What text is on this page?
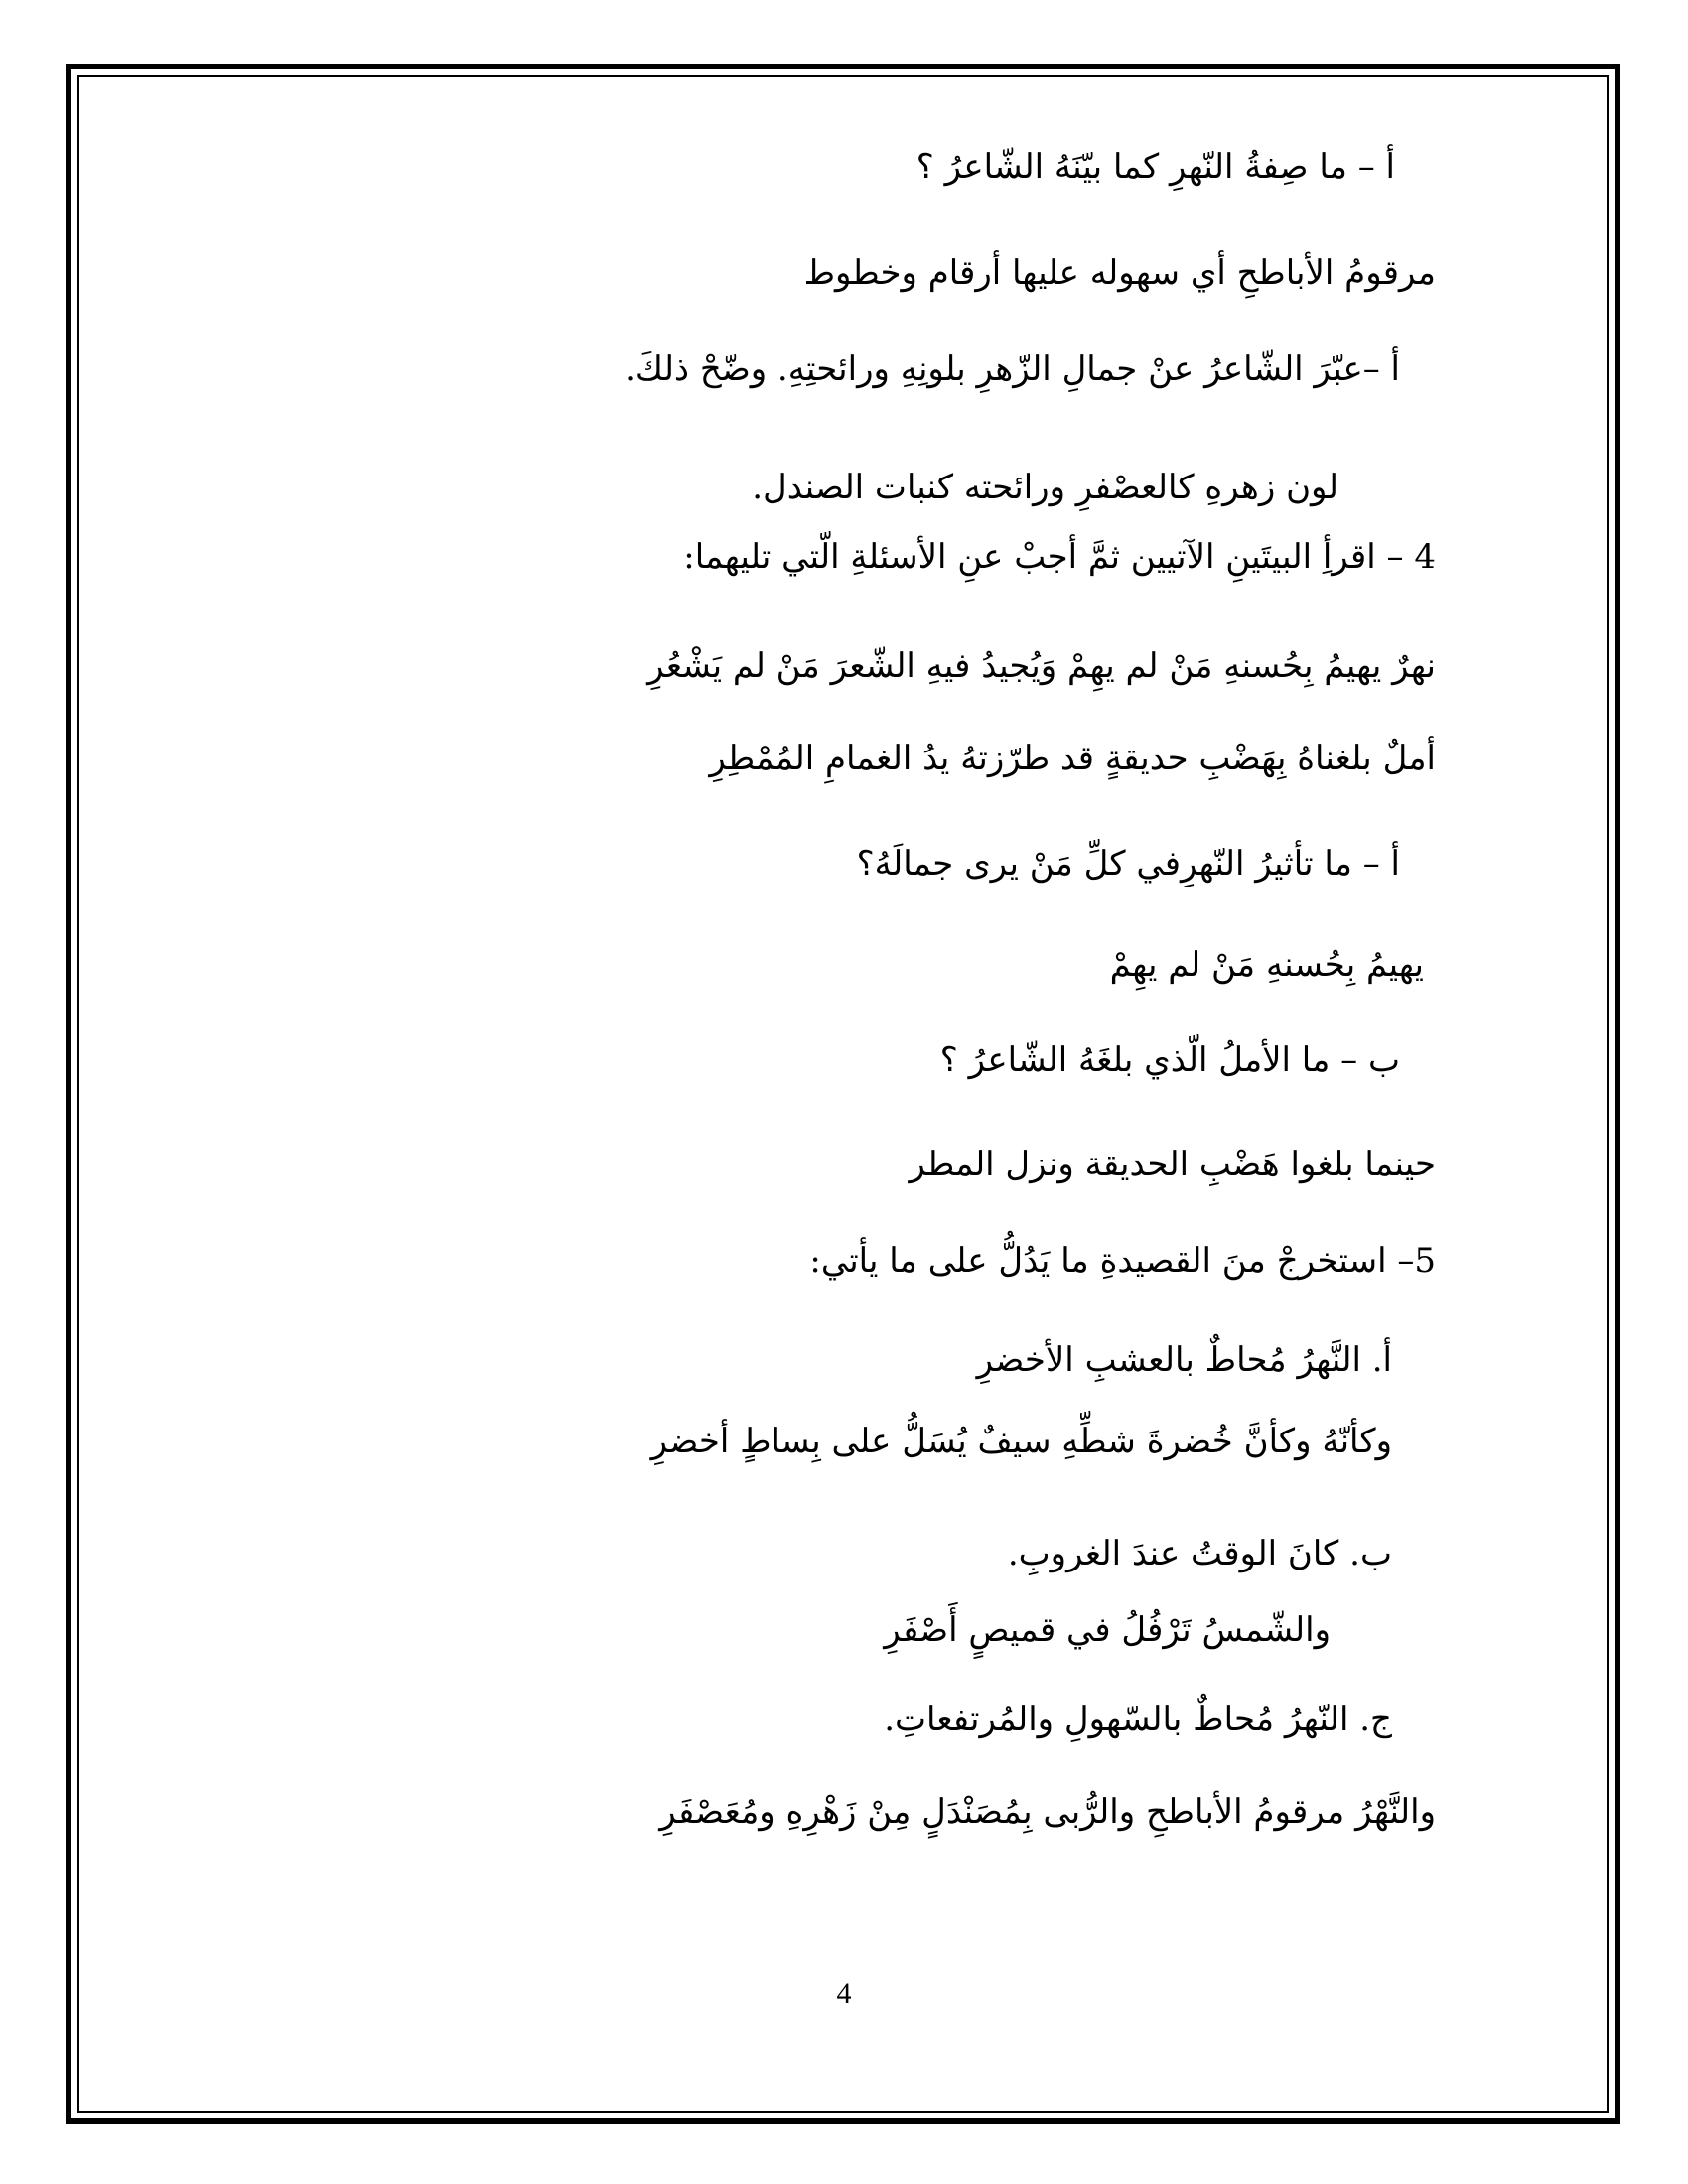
أ – ما صِفةُ النّهرِ كما بيّنَهُ الشّاعرُ ؟
مرقومُ الأباطحِ أي سهوله عليها أرقام وخطوط
أ –عبّرَ الشّاعرُ عنْ جمالِ الزّهرِ بلونِهِ ورائحتِهِ. وضّحْ ذلكَ.
لون زهرهِ كالعصْفرِ ورائحته كنبات الصندل.
4 – اقرأِ البيتَينِ الآتيين ثمَّ أجبْ عنِ الأسئلةِ الّتي تليهما:
نهرٌ يهيمُ بِحُسنهِ مَنْ لم يهِمْ وَيُجيدُ فيهِ الشّعرَ مَنْ لم يَشْعُرِ
أملٌ بلغناهُ بِهَضْبِ حديقةٍ قد طرّزتهُ يدُ الغمامِ المُمْطِرِ
أ – ما تأثيرُ النّهرِفي كلِّ مَنْ يرى جمالَهُ؟
يهيمُ بِحُسنهِ مَنْ لم يهِمْ
ب – ما الأملُ الّذي بلغَهُ الشّاعرُ ؟
حينما بلغوا هَضْبِ الحديقة ونزل المطر
5– استخرجْ منَ القصيدةِ ما يَدُلُّ على ما يأتي:
أ. النَّهرُ مُحاطٌ بالعشبِ الأخضرِ
وكأنّهُ وكأنَّ خُضرةَ شطِّهِ سيفٌ يُسَلُّ على بِساطٍ أخضرِ
ب. كانَ الوقتُ عندَ الغروبِ.
والشّمسُ تَرْفُلُ في قميصٍ أَصْفَرِ
ج. النّهرُ مُحاطٌ بالسّهولِ والمُرتفعاتِ.
والنَّهْرُ مرقومُ الأباطحِ والرُّبى بِمُصَنْدَلٍ مِنْ زَهْرِهِ ومُعَصْفَرِ
4
